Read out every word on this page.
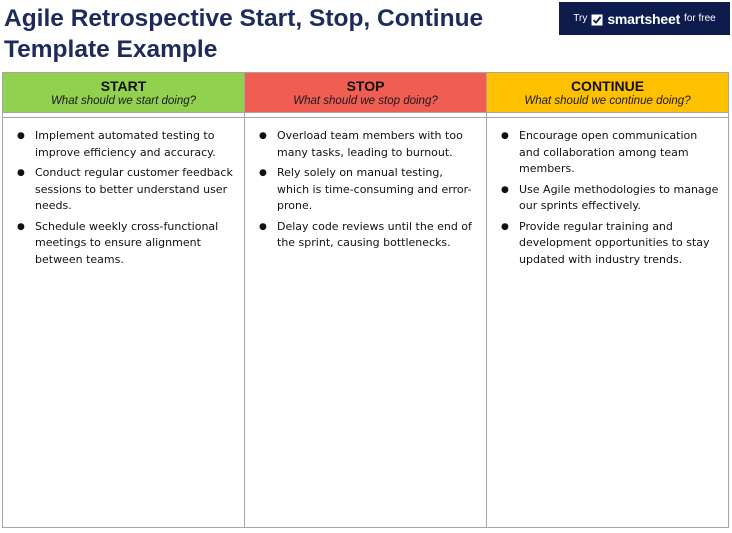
Agile Retrospective Start, Stop, Continue Template Example
Try smartsheet for free
START
What should we start doing?
● Implement automated testing to improve efficiency and accuracy.
● Conduct regular customer feedback sessions to better understand user needs.
● Schedule weekly cross-functional meetings to ensure alignment between teams.
STOP
What should we stop doing?
● Overload team members with too many tasks, leading to burnout.
● Rely solely on manual testing, which is time-consuming and error-prone.
● Delay code reviews until the end of the sprint, causing bottlenecks.
CONTINUE
What should we continue doing?
● Encourage open communication and collaboration among team members.
● Use Agile methodologies to manage our sprints effectively.
● Provide regular training and development opportunities to stay updated with industry trends.
